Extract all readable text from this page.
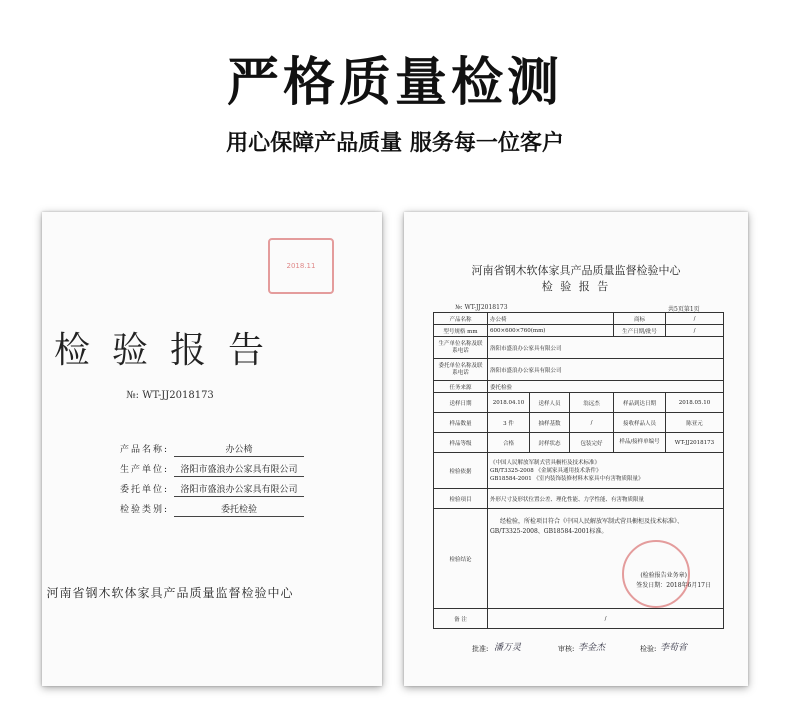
严格质量检测
用心保障产品质量 服务每一位客户
2018.11
检验报告
№: WT-JJ2018173
产品名称:	办公椅
生产单位: 洛阳市盛浪办公家具有限公司
委托单位: 洛阳市盛浪办公家具有限公司
检验类别:	委托检验
河南省钢木软体家具产品质量监督检验中心
河南省钢木软体家具产品质量监督检验中心
检 验 报 告
№: WT-JJ2018173	共5页第1页
产品名称	办公椅			商标	/
型号规格 mm	600×600×760(mm)			生产日期/批号	/
生产单位名称及联系电话	洛阳市盛浪办公家具有限公司				
委托单位名称及联系电话	洛阳市盛浪办公家具有限公司				
任务来源	委托检验				
送样日期	2018.04.10	送样人员	翁远杰	样品到达日期	2018.05.10
样品数量	3 件	抽样基数	/	接收样品人员	陈亚元
样品等级	合格	封样状态	包装完好	样品/接样单编号	WT-JJ2018173
检验依据	《中国人民解放军制式营具橱柜及技术标准》
GB/T3325-2008 《金属家具通用技术条件》
GB18584-2001 《室内装饰装修材料木家具中有害物质限量》				

检验项目	外形尺寸及形状位置公差、理化性能、力学性能、有害物质限量				
检验结论	经检验，所检项目符合《中国人民解放军制式营具橱柜及技术标准》、
GB/T3325-2008、GB18584-2001标准。
(检验报告业务章)
签发日期：2018年6月17日				

备 注	/				
批准: 潘万灵	审核: 李金杰	检验: 李荀省
